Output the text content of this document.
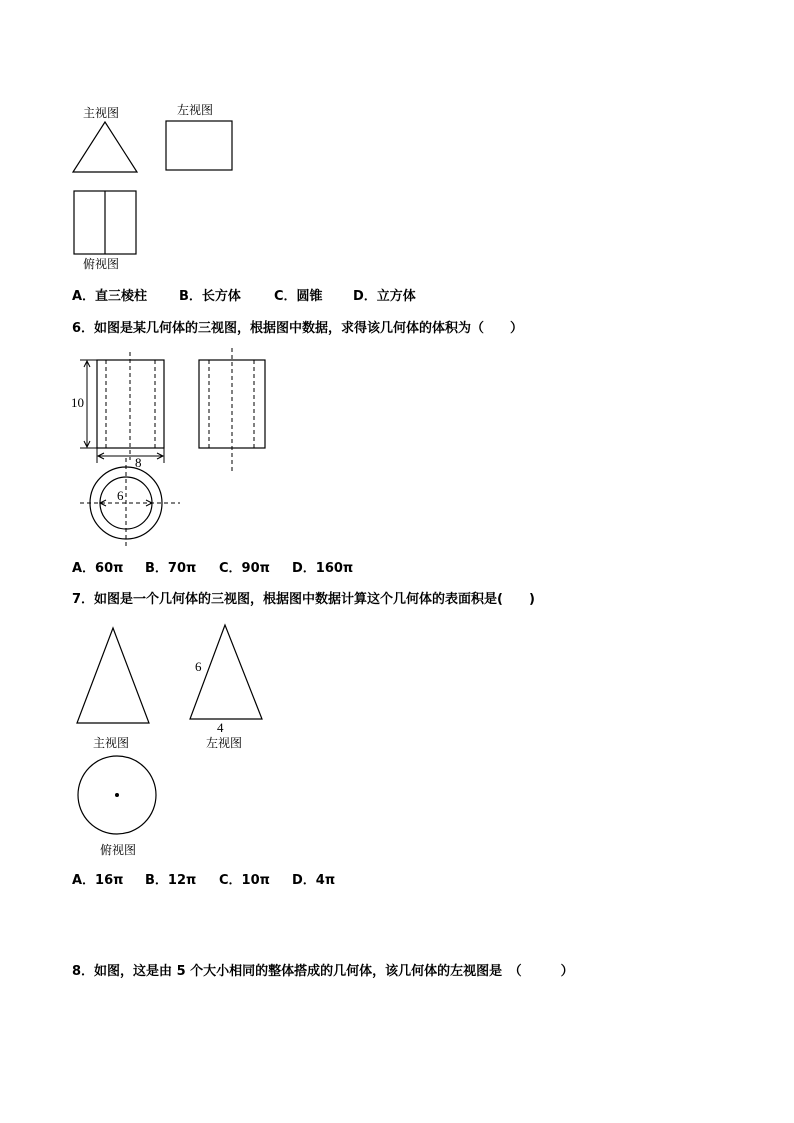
主视图	左视图
俯视图
A．直三棱柱 B．长方体	C．圆锥 D．立方体
6．如图是某几何体的三视图，根据图中数据，求得该几何体的体积为（　　）
10
8
6
A．60π B．70π C．90π D．160π
7．如图是一个几何体的三视图，根据图中数据计算这个几何体的表面积是(　　)
6
4
主视图	左视图
俯视图
A．16π B．12π C．10π D．4π
8．如图，这是由 5 个大小相同的整体搭成的几何体，该几何体的左视图是　（　　　）
